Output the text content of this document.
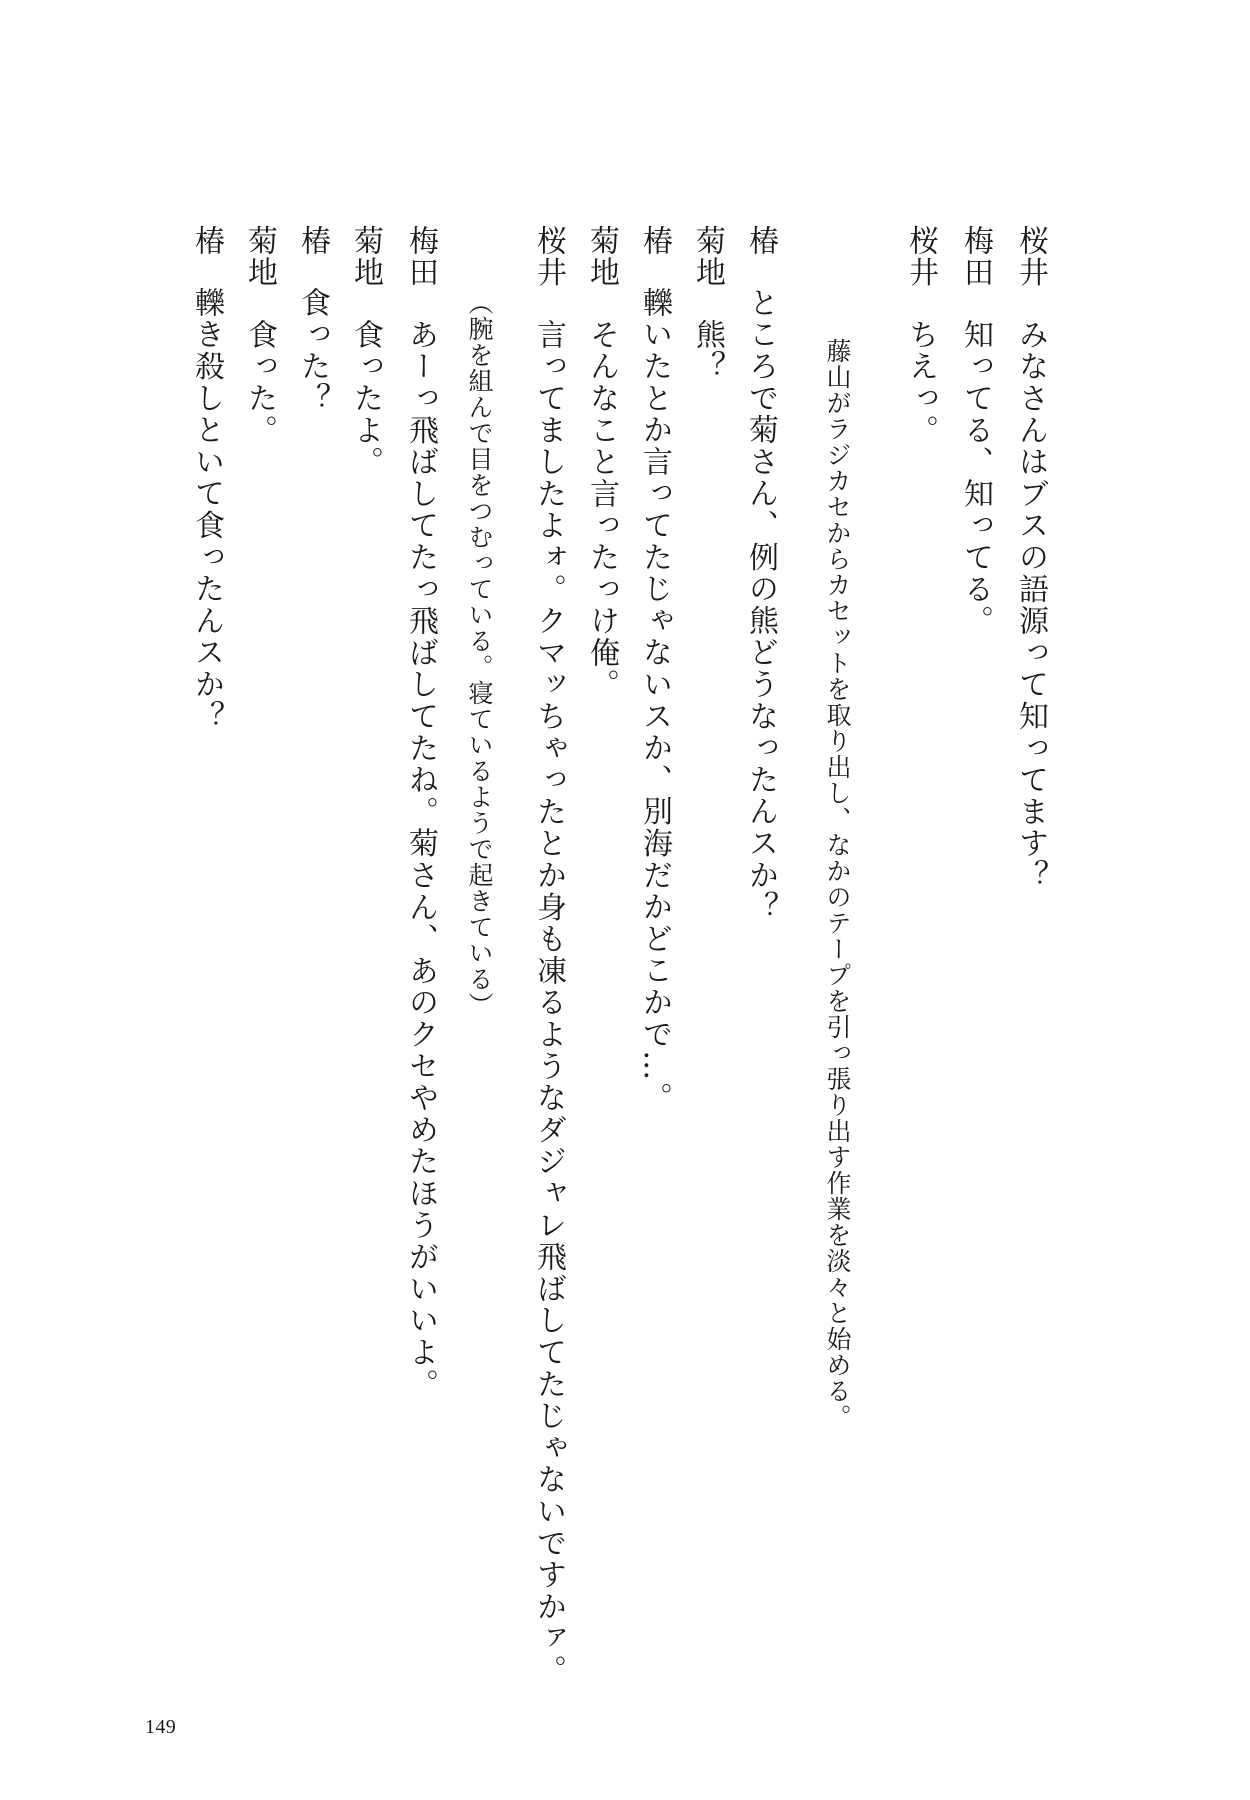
桜井みなさんはブスの語源って知ってます？
梅田知ってる、知ってる。
桜井ちえっ。
藤山がラジカセからカセットを取り出し、なかのテープを引っ張り出す作業を淡々と始める。
椿ところで菊さん、例の熊どうなったんスか？
菊地熊？
椿轢いたとか言ってたじゃないスか、別海だかどこかで…。
菊地そんなこと言ったっけ俺。
桜井言ってましたよォ。クマッちゃったとか身も凍るようなダジャレ飛ばしてたじゃないですかァ。
（腕を組んで目をつむっている。寝ているようで起きている）
梅田あーっ飛ばしてたっ飛ばしてたね。菊さん、あのクセやめたほうがいいよ。
菊地食ったよ。
椿食った？
菊地食った。
椿轢き殺しといて食ったんスか？
149
